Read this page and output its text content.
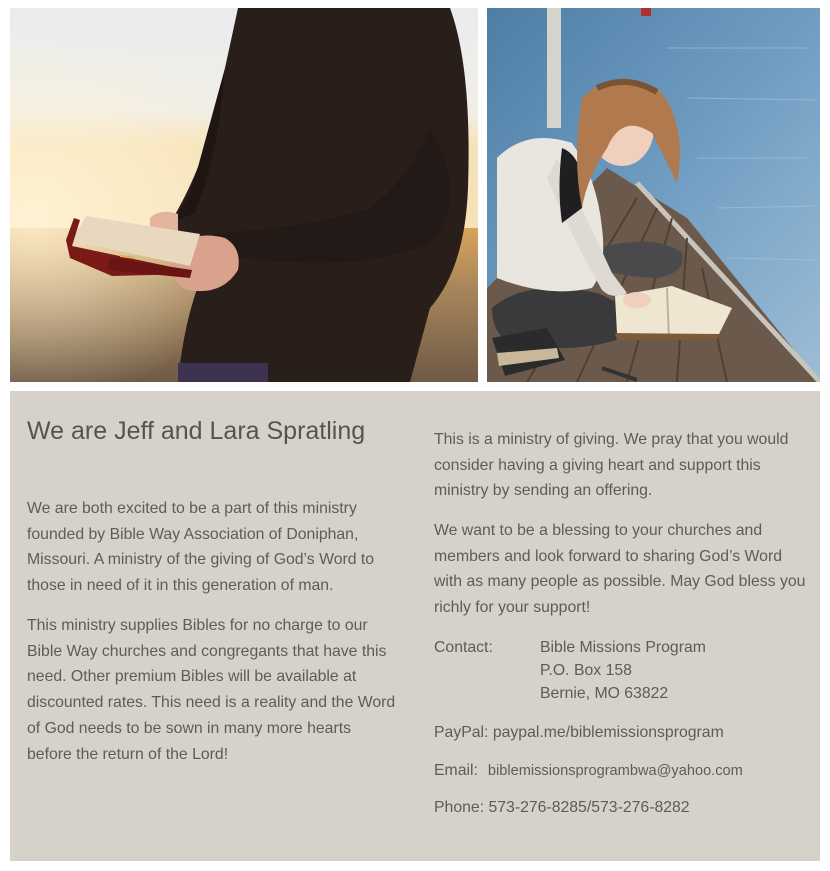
We are Jeff and Lara Spratling

We are both excited to be a part of this ministry founded by Bible Way Association of Doniphan, Missouri. A ministry of the giving of God’s Word to those in need of it in this generation of man.

This ministry supplies Bibles for no charge to our Bible Way churches and congregants that have this need. Other premium Bibles will be available at discounted rates. This need is a reality and the Word of God needs to be sown in many more hearts before the return of the Lord!

This is a ministry of giving. We pray that you would consider having a giving heart and support this ministry by sending an offering.

We want to be a blessing to your churches and members and look forward to sharing God’s Word with as many people as possible. May God bless you richly for your support!

Contact:	Bible Missions Program
P.O. Box 158
Bernie, MO 63822
PayPal: paypal.me/biblemissionsprogram
Email: biblemissionsprogrambwa@yahoo.com
Phone: 573-276-8285/573-276-8282
